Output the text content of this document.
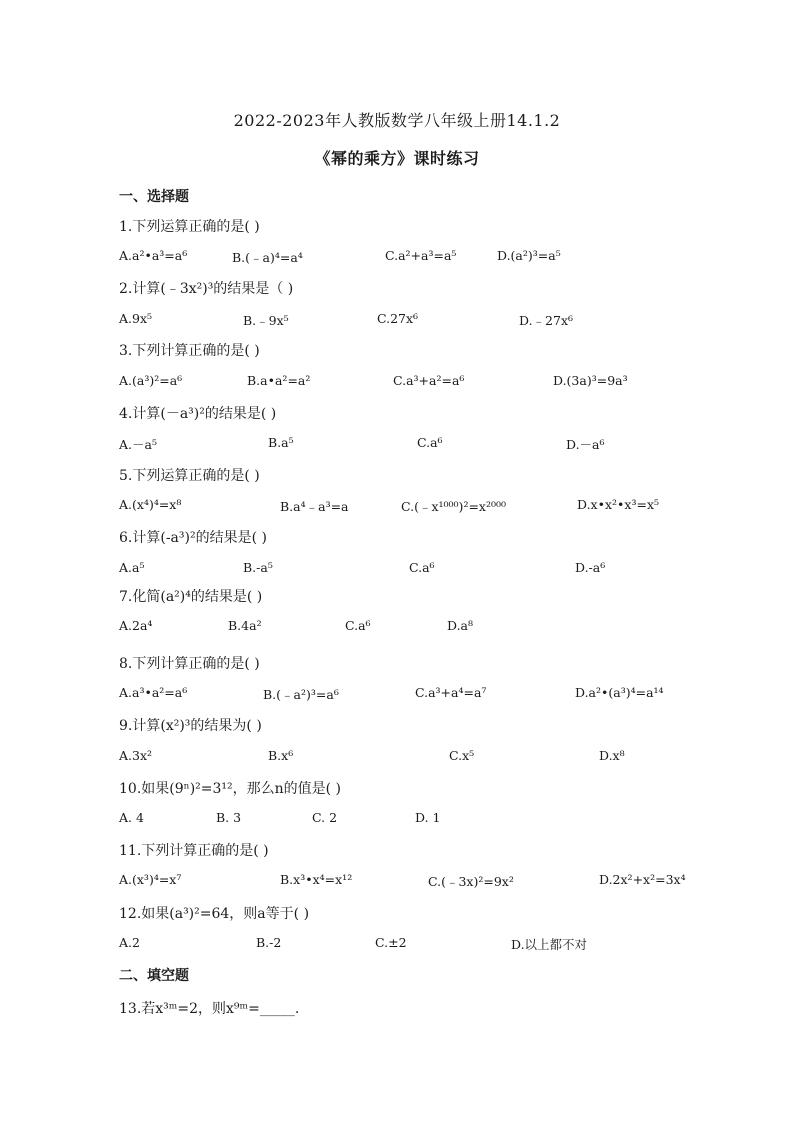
2022-2023年人教版数学八年级上册14.1.2
《幂的乘方》课时练习
一、选择题
1.下列运算正确的是( )
A.a²•a³=a⁶	B.(﹣a)⁴=a⁴	C.a²+a³=a⁵	D.(a²)³=a⁵
2.计算(﹣3x²)³的结果是（ )
A.9x⁵	B.﹣9x⁵	C.27x⁶	D.﹣27x⁶
3.下列计算正确的是( )
A.(a³)²=a⁶	B.a•a²=a²	C.a³+a²=a⁶	D.(3a)³=9a³
4.计算(－a³)²的结果是( )
A.－a⁵	B.a⁵	C.a⁶	D.－a⁶
5.下列运算正确的是( )
A.(x⁴)⁴=x⁸	B.a⁴﹣a³=a	C.(﹣x¹⁰⁰⁰)²=x²⁰⁰⁰	D.x•x²•x³=x⁵
6.计算(-a³)²的结果是( )
A.a⁵	B.-a⁵	C.a⁶	D.-a⁶
7.化简(a²)⁴的结果是( )
A.2a⁴	B.4a²	C.a⁶	D.a⁸
8.下列计算正确的是( )
A.a³•a²=a⁶	B.(﹣a²)³=a⁶	C.a³+a⁴=a⁷	D.a²•(a³)⁴=a¹⁴
9.计算(x²)³的结果为( )
A.3x²	B.x⁶	C.x⁵	D.x⁸
10.如果(9ⁿ)²=3¹²，那么n的值是( )
A. 4	B. 3	C. 2	D. 1
11.下列计算正确的是( )
A.(x³)⁴=x⁷	B.x³•x⁴=x¹²	C.(﹣3x)²=9x²	D.2x²+x²=3x⁴
12.如果(a³)²=64，则a等于( )
A.2	B.-2	C.±2	D.以上都不对
二、填空题
13.若x³ᵐ=2，则x⁹ᵐ=_____.
